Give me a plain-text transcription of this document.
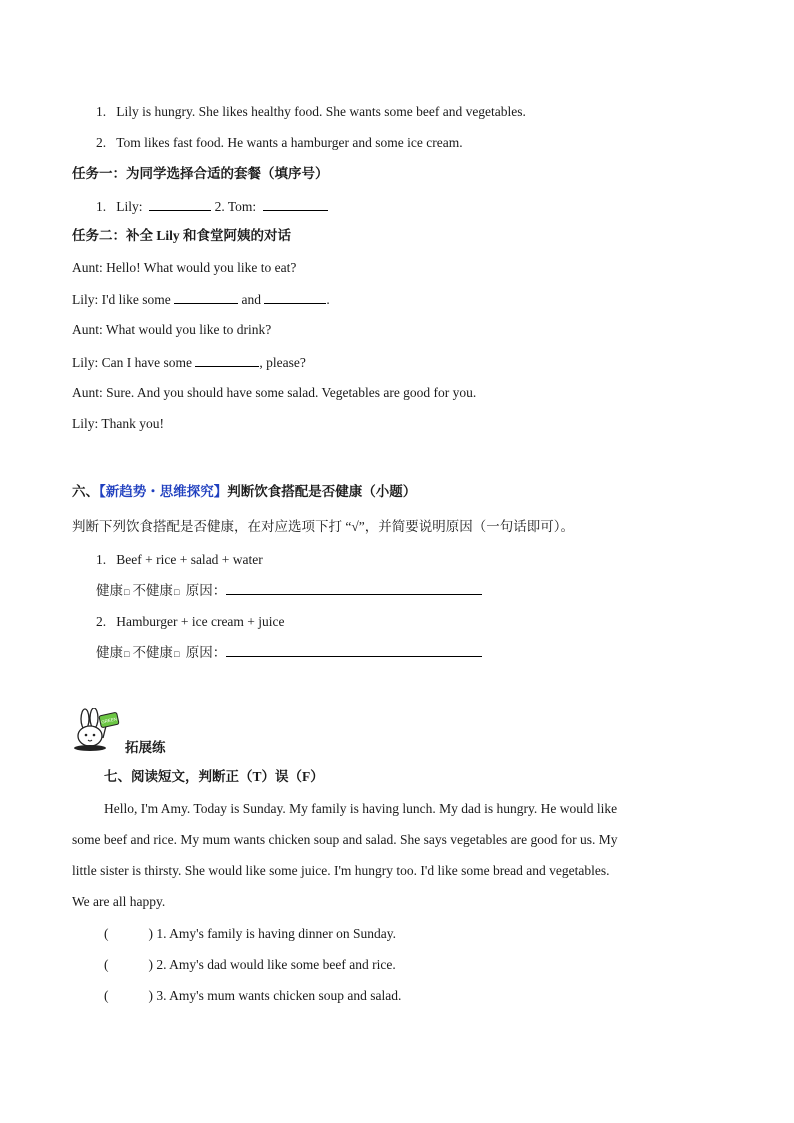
1. Lily is hungry. She likes healthy food. She wants some beef and vegetables.
2. Tom likes fast food. He wants a hamburger and some ice cream.
任务一：为同学选择合适的套餐（填序号）
1. Lily:	2. Tom:
任务二：补全 Lily 和食堂阿姨的对话
Aunt: Hello! What would you like to eat?
Lily: I'd like some	and	.
Aunt: What would you like to drink?
Lily: Can I have some	, please?
Aunt: Sure. And you should have some salad. Vegetables are good for you.
Lily: Thank you!
六、【新趋势・思维探究】判断饮食搭配是否健康（小题）
判断下列饮食搭配是否健康，在对应选项下打 “√”，并简要说明原因（一句话即可）。
1. Beef + rice + salad + water
健康□ 不健康□ 原因：
2. Hamburger + ice cream + juice
健康□ 不健康□ 原因：
GREEN
拓展练
七、阅读短文，判断正（T）误（F）
Hello, I'm Amy. Today is Sunday. My family is having lunch. My dad is hungry. He would like
some beef and rice. My mum wants chicken soup and salad. She says vegetables are good for us. My
little sister is thirsty. She would like some juice. I'm hungry too. I'd like some bread and vegetables.
We are all happy.
(	) 1. Amy's family is having dinner on Sunday.
(	) 2. Amy's dad would like some beef and rice.
(	) 3. Amy's mum wants chicken soup and salad.
